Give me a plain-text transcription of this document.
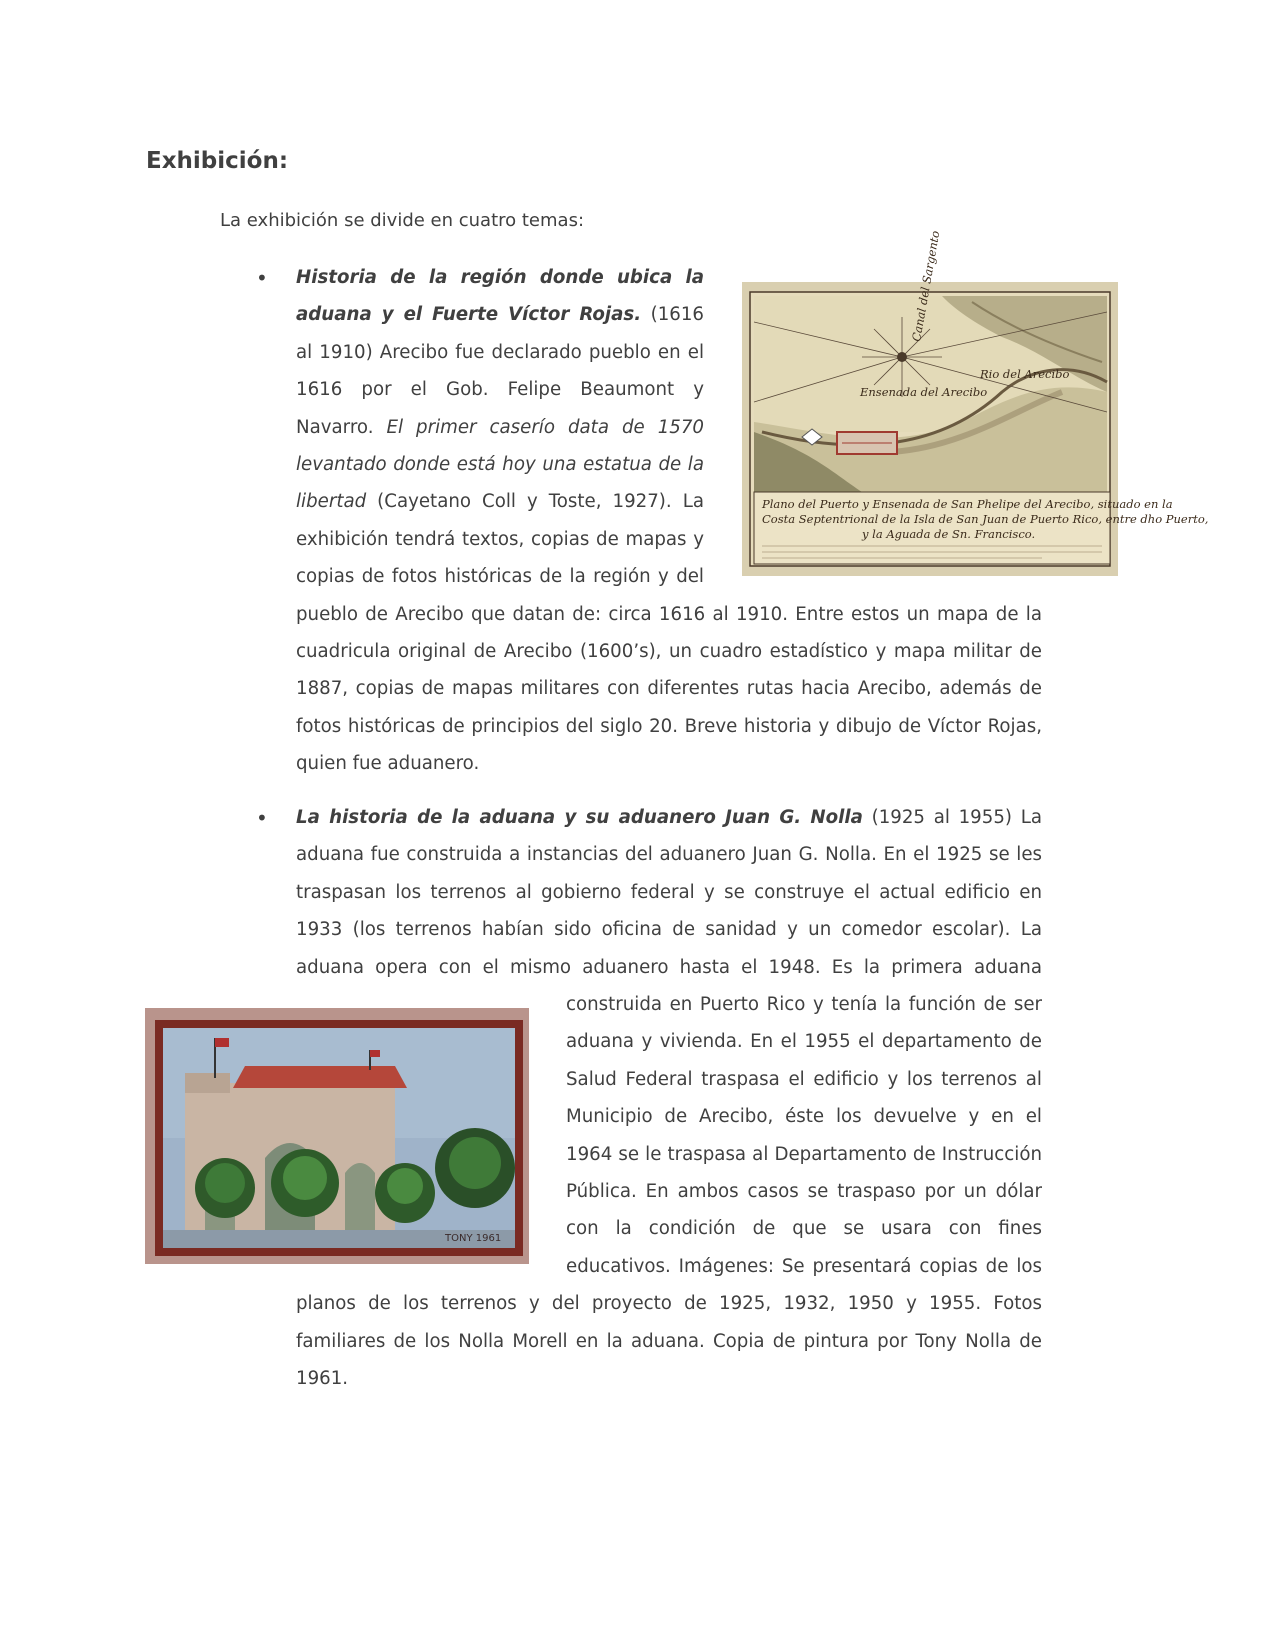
Exhibición:
La exhibición se divide en cuatro temas:
•
Ensenada del Arecibo
Canal del Sargento
Rio del Arecibo
Plano del Puerto y Ensenada de San Phelipe del Arecibo, situado en la
Costa Septentrional de la Isla de San Juan de Puerto Rico, entre dho Puerto,
y la Aguada de Sn. Francisco.
Historia de la región donde ubica la aduana y el Fuerte Víctor Rojas. (1616 al 1910) Arecibo fue declarado pueblo en el 1616 por el Gob. Felipe Beaumont y Navarro. El primer caserío data de 1570 levantado donde está hoy una estatua de la libertad (Cayetano Coll y Toste, 1927). La exhibición tendrá textos, copias de mapas y copias de fotos históricas de la región y del pueblo de Arecibo que datan de: circa 1616 al 1910. Entre estos un mapa de la cuadricula original de Arecibo (1600’s), un cuadro estadístico y mapa militar de 1887, copias de mapas militares con diferentes rutas hacia Arecibo, además de fotos históricas de principios del siglo 20. Breve historia y dibujo de Víctor Rojas, quien fue aduanero.
• La historia de la aduana y su aduanero Juan G. Nolla (1925 al 1955) La aduana fue construida a instancias del aduanero Juan G. Nolla. En el 1925 se les traspasan los terrenos al gobierno federal y se construye el actual edificio en 1933 (los terrenos habían sido oficina de sanidad y un comedor escolar). La aduana opera con el mismo aduanero hasta el 1948.
TONY 1961
Es la primera aduana construida en Puerto Rico y tenía la función de ser aduana y vivienda. En el 1955 el departamento de Salud Federal traspasa el edificio y los terrenos al Municipio de Arecibo, éste los devuelve y en el 1964 se le traspasa al Departamento de Instrucción Pública. En ambos casos se traspaso por un dólar con la condición de que se usara con fines educativos. Imágenes: Se presentará copias de los planos de los terrenos y del proyecto de 1925, 1932, 1950 y 1955. Fotos familiares de los Nolla Morell en la aduana. Copia de pintura por Tony Nolla de 1961.
